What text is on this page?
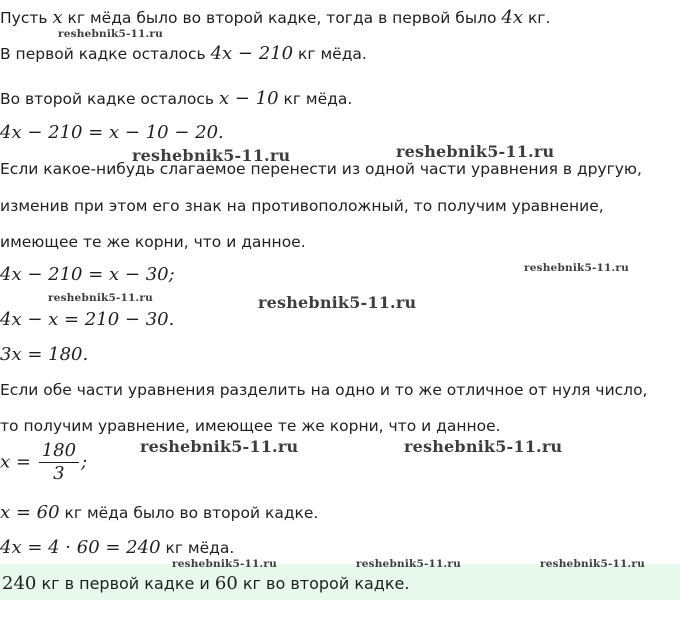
Пусть x кг мёда было во второй кадке, тогда в первой было 4x кг.
reshebnik5-11.ru
В первой кадке осталось 4x − 210 кг мёда.
Во второй кадке осталось x − 10 кг мёда.
4x − 210 = x − 10 − 20.
reshebnik5-11.ru	reshebnik5-11.ru
Если какое-нибудь слагаемое перенести из одной части уравнения в другую,
изменив при этом его знак на противоположный, то получим уравнение,
имеющее те же корни, что и данное.
4x − 210 = x − 30;	reshebnik5-11.ru
reshebnik5-11.ru	reshebnik5-11.ru
4x − x = 210 − 30.
3x = 180.
Если обе части уравнения разделить на одно и то же отличное от нуля число,
то получим уравнение, имеющее те же корни, что и данное.
$x = \frac{180}{3}$ ;
reshebnik5-11.ru	reshebnik5-11.ru
x = 60 кг мёда было во второй кадке.
4x = 4 · 60 = 240 кг мёда.
reshebnik5-11.ru	reshebnik5-11.ru	reshebnik5-11.ru
240 кг в первой кадке и 60 кг во второй кадке.
